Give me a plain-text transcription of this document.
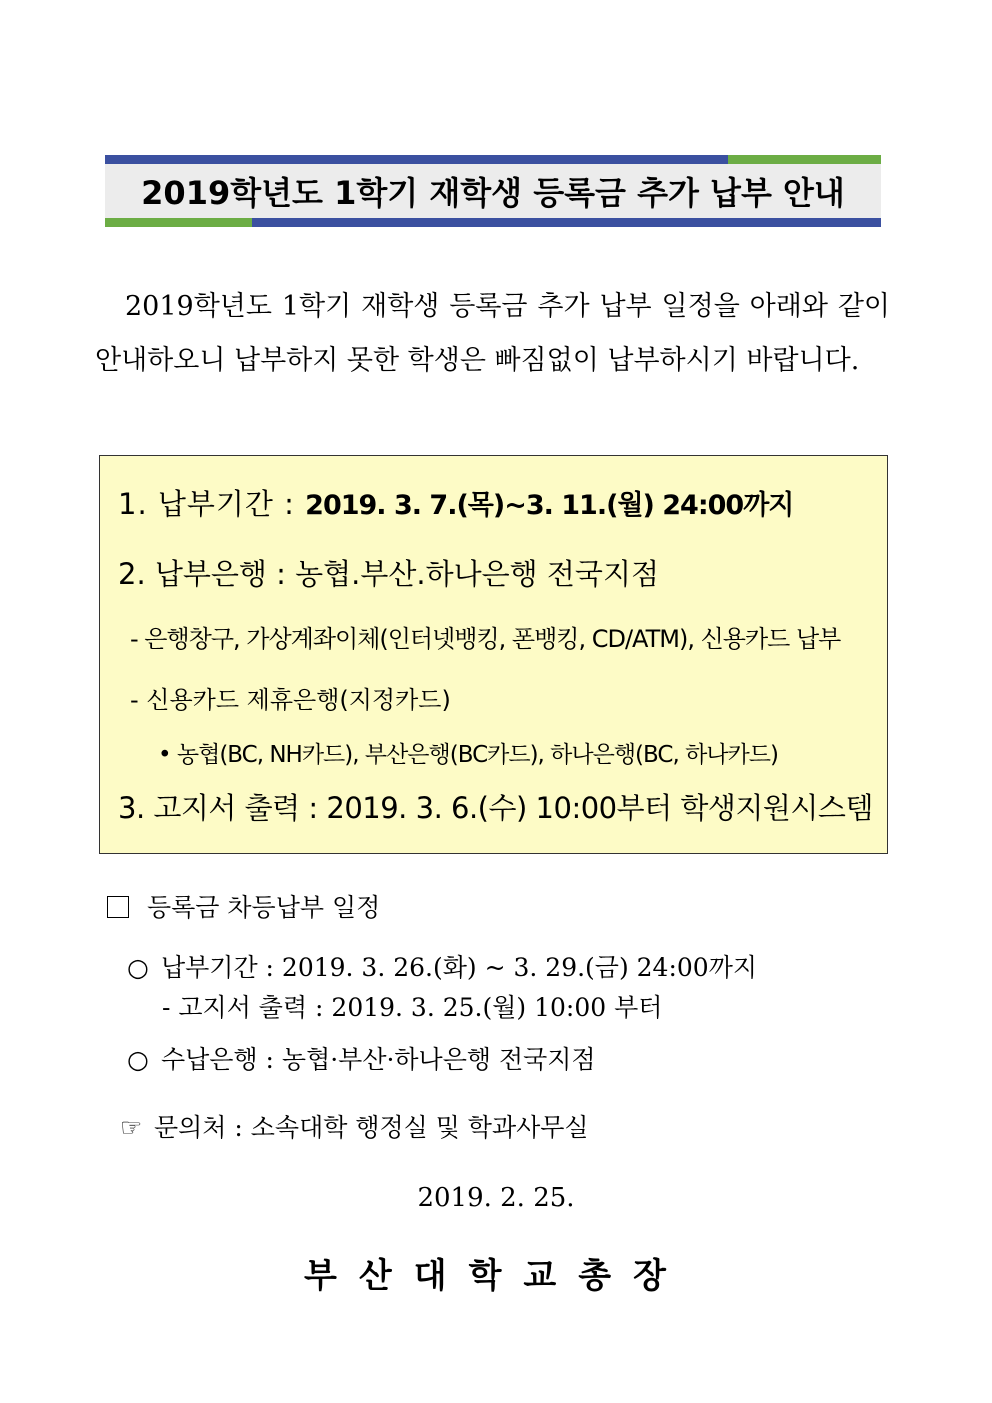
2019학년도 1학기 재학생 등록금 추가 납부 안내
2019학년도 1학기 재학생 등록금 추가 납부 일정을 아래와 같이 안내하오니 납부하지 못한 학생은 빠짐없이 납부하시기 바랍니다.
1. 납부기간 : 2019. 3. 7.(목)~3. 11.(월) 24:00까지
2. 납부은행 : 농협.부산.하나은행 전국지점
- 은행창구, 가상계좌이체(인터넷뱅킹, 폰뱅킹, CD/ATM), 신용카드 납부
- 신용카드 제휴은행(지정카드)
• 농협(BC, NH카드), 부산은행(BC카드), 하나은행(BC, 하나카드)
3. 고지서 출력 : 2019. 3. 6.(수) 10:00부터 학생지원시스템
등록금 차등납부 일정
○ 납부기간 : 2019. 3. 26.(화) ~ 3. 29.(금) 24:00까지
- 고지서 출력 : 2019. 3. 25.(월) 10:00 부터
○ 수납은행 : 농협·부산·하나은행 전국지점
☞ 문의처 : 소속대학 행정실 및 학과사무실
2019. 2. 25.
부산대학교총장
